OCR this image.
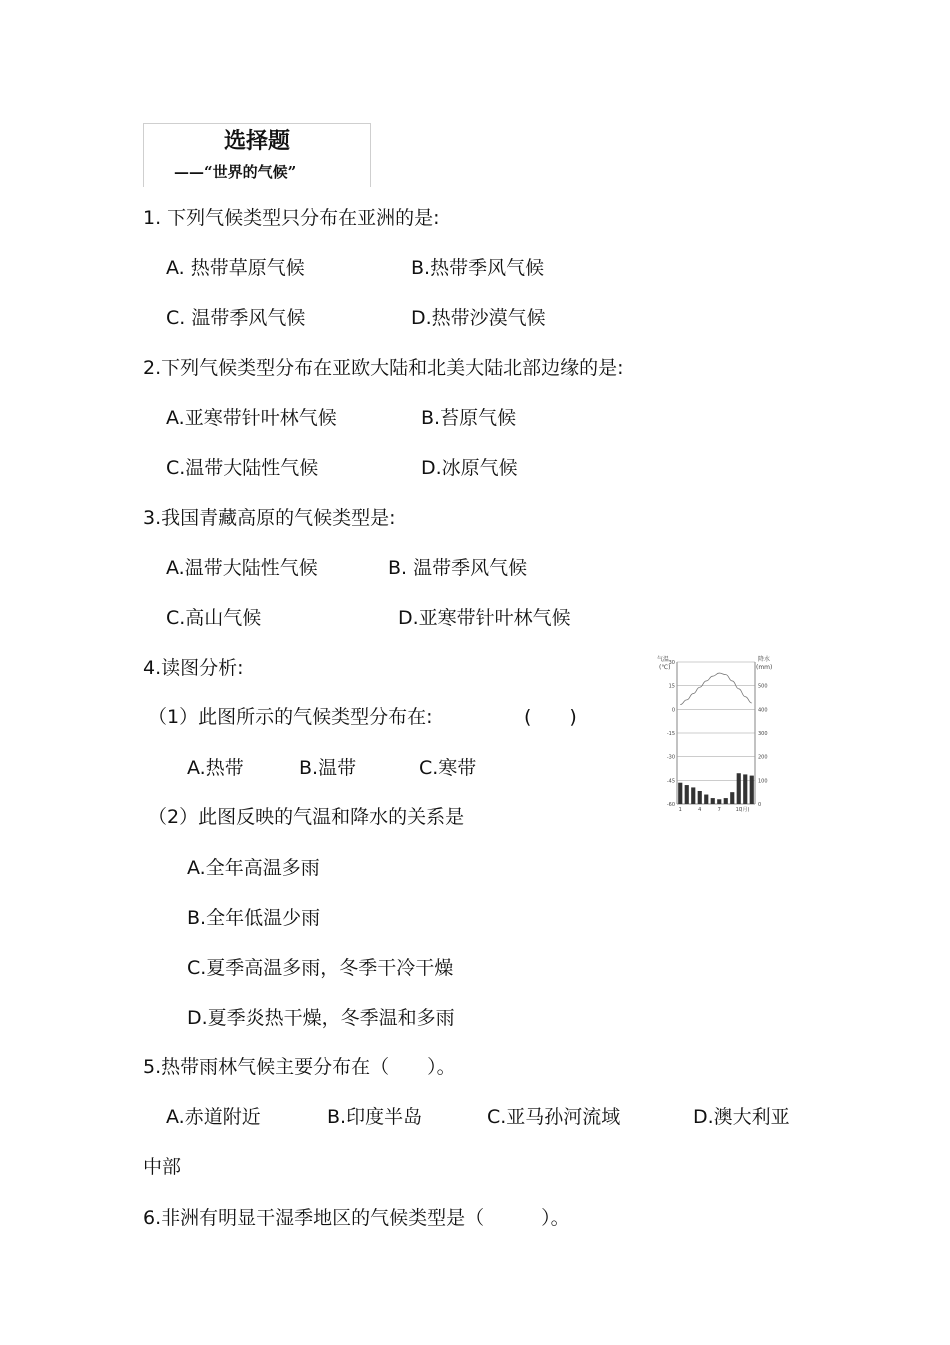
选择题
——“世界的气候”
1. 下列气候类型只分布在亚洲的是:
A. 热带草原气候	B.热带季风气候
C. 温带季风气候	D.热带沙漠气候
2.下列气候类型分布在亚欧大陆和北美大陆北部边缘的是:
A.亚寒带针叶林气候	B.苔原气候
C.温带大陆性气候	D.冰原气候
3.我国青藏高原的气候类型是:
A.温带大陆性气候	B. 温带季风气候
C.高山气候	D.亚寒带针叶林气候
4.读图分析:
（1）此图所示的气候类型分布在:	(　　)
A.热带	B.温带	C.寒带
（2）此图反映的气温和降水的关系是
A.全年高温多雨
B.全年低温少雨
C.夏季高温多雨，冬季干冷干燥
D.夏季炎热干燥，冬季温和多雨
气温
(℃)
降水
(mm)
30
15
0
-15
-30
-45
-60
500
400
300
200
100
0
1	4	7	10
(月)
5.热带雨林气候主要分布在（　　）。
A.赤道附近	B.印度半岛	C.亚马孙河流域	D.澳大利亚
中部
6.非洲有明显干湿季地区的气候类型是（　　　）。
